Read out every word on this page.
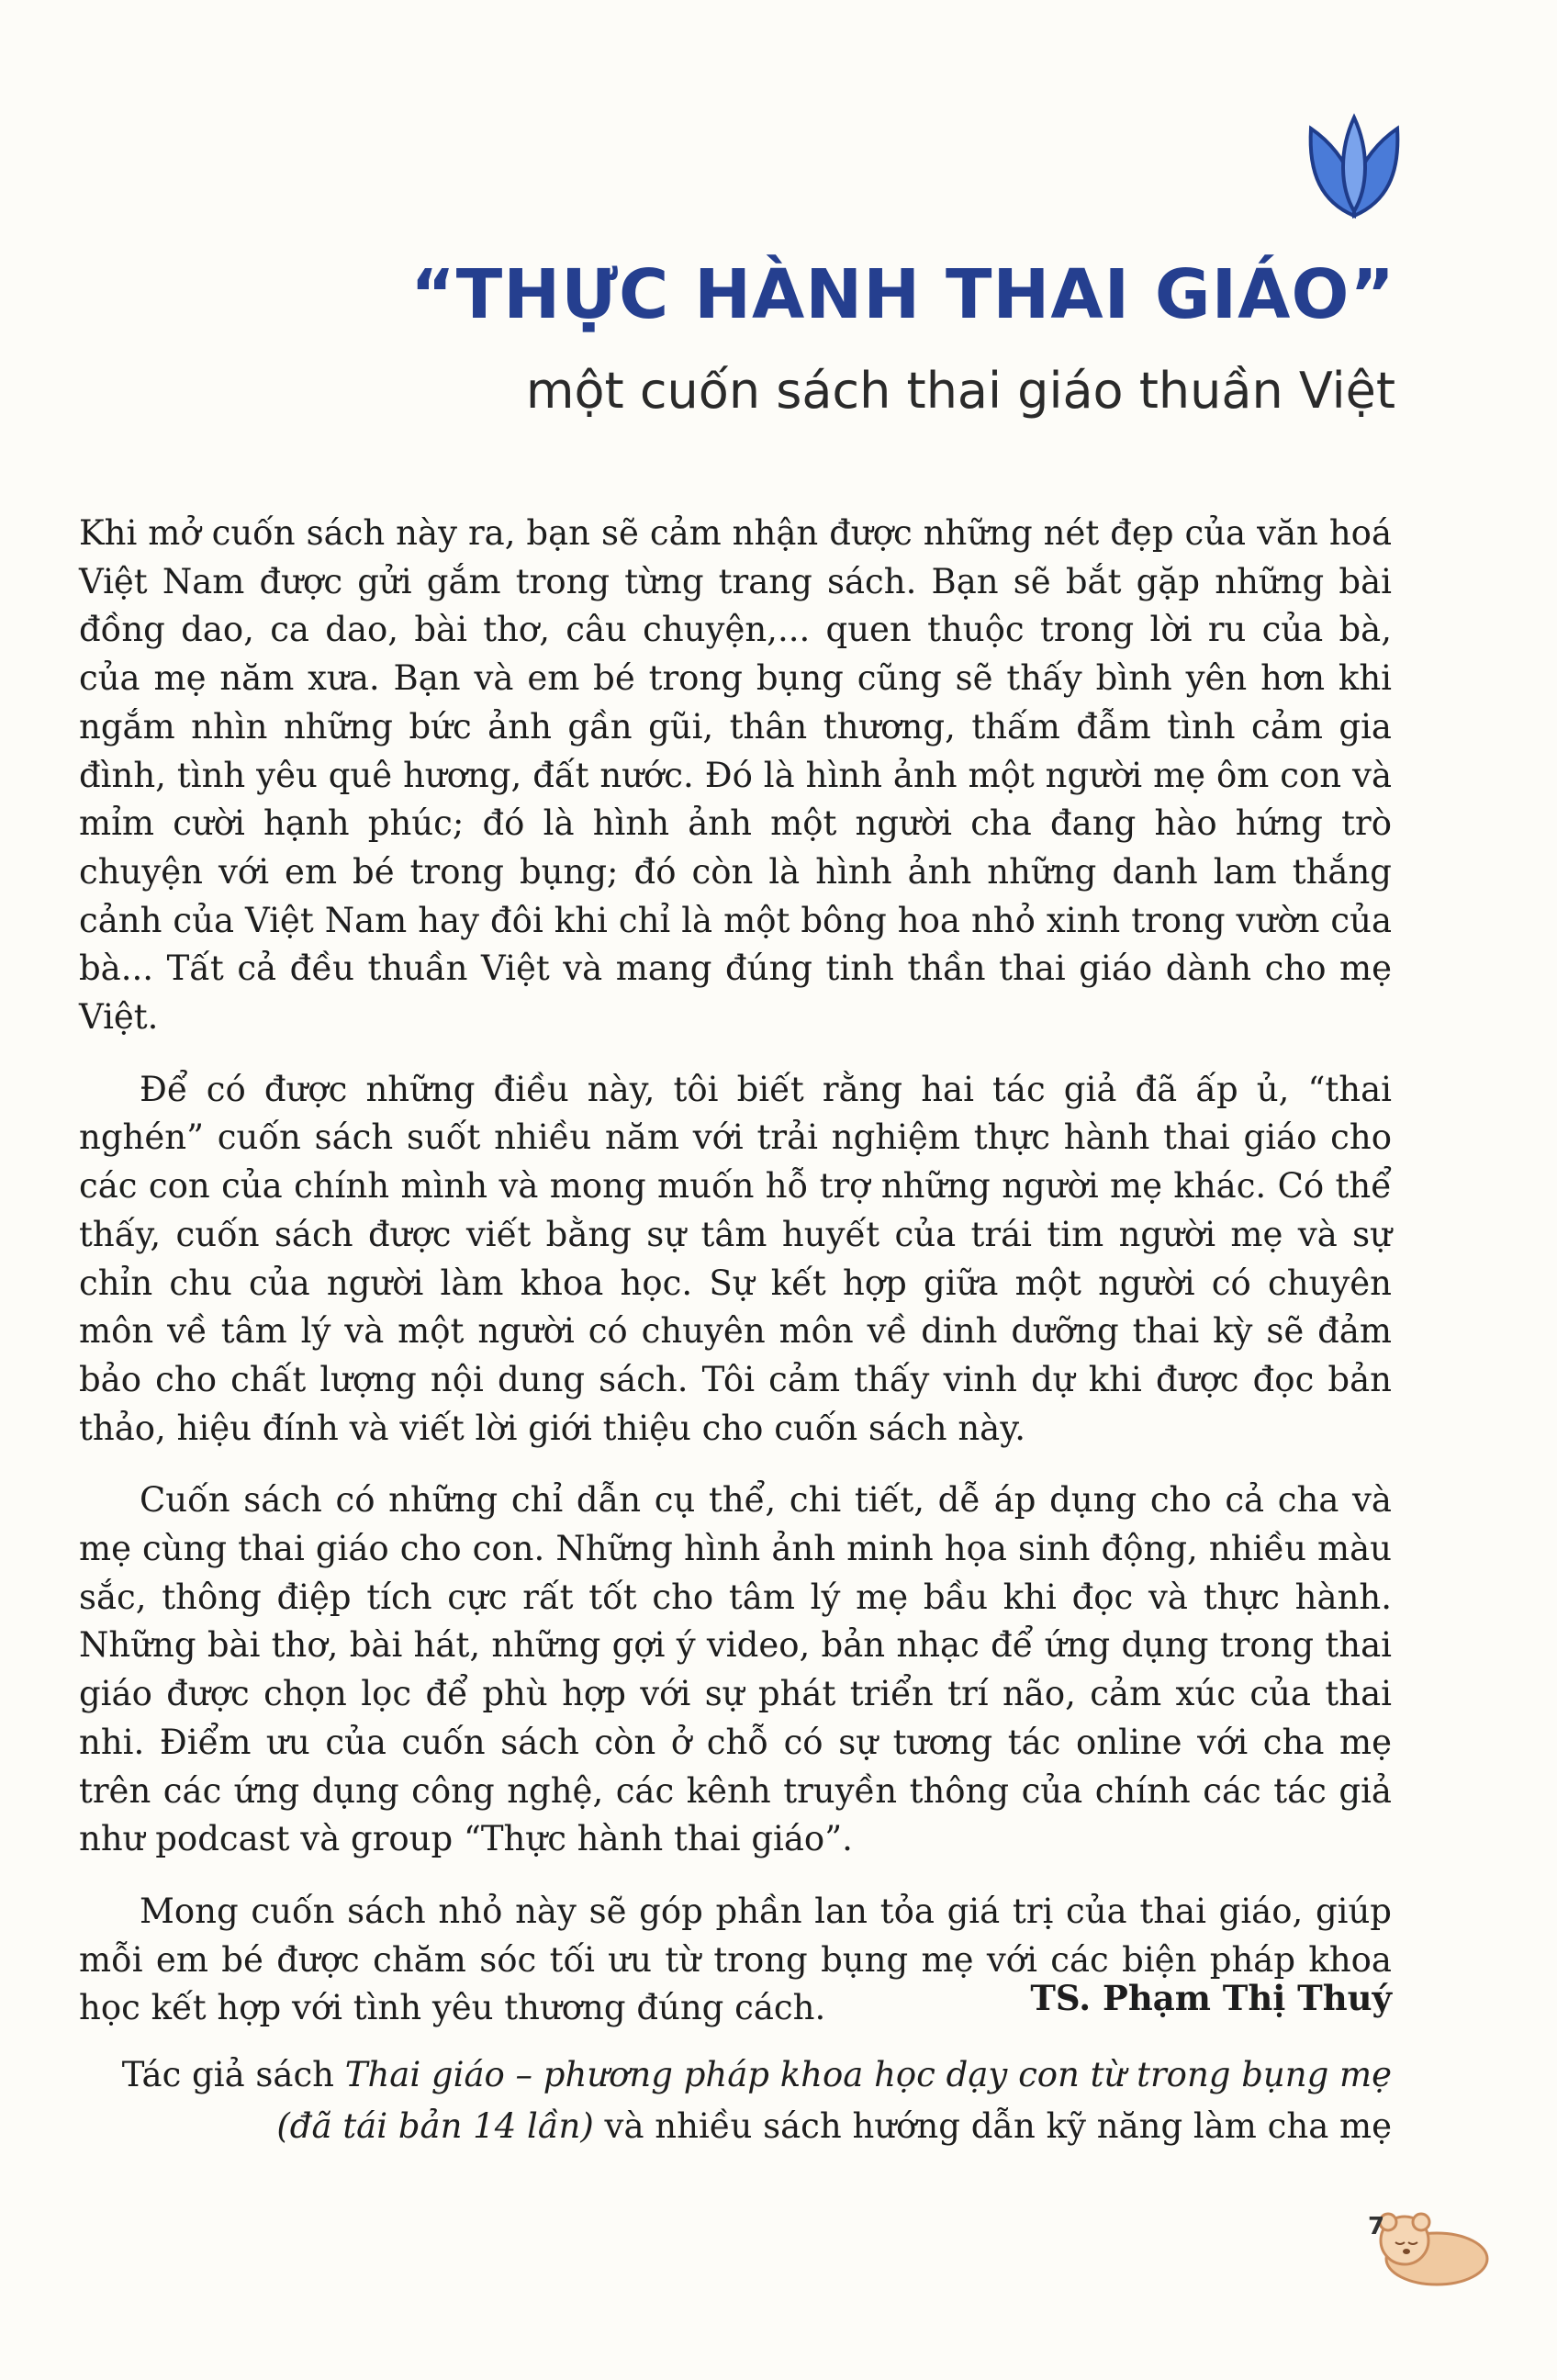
“THỰC HÀNH THAI GIÁO”
một cuốn sách thai giáo thuần Việt

Khi mở cuốn sách này ra, bạn sẽ cảm nhận được những nét đẹp của văn hoá Việt Nam được gửi gắm trong từng trang sách. Bạn sẽ bắt gặp những bài đồng dao, ca dao, bài thơ, câu chuyện,... quen thuộc trong lời ru của bà, của mẹ năm xưa. Bạn và em bé trong bụng cũng sẽ thấy bình yên hơn khi ngắm nhìn những bức ảnh gần gũi, thân thương, thấm đẫm tình cảm gia đình, tình yêu quê hương, đất nước. Đó là hình ảnh một người mẹ ôm con và mỉm cười hạnh phúc; đó là hình ảnh một người cha đang hào hứng trò chuyện với em bé trong bụng; đó còn là hình ảnh những danh lam thắng cảnh của Việt Nam hay đôi khi chỉ là một bông hoa nhỏ xinh trong vườn của bà... Tất cả đều thuần Việt và mang đúng tinh thần thai giáo dành cho mẹ Việt.

Để có được những điều này, tôi biết rằng hai tác giả đã ấp ủ, “thai nghén” cuốn sách suốt nhiều năm với trải nghiệm thực hành thai giáo cho các con của chính mình và mong muốn hỗ trợ những người mẹ khác. Có thể thấy, cuốn sách được viết bằng sự tâm huyết của trái tim người mẹ và sự chỉn chu của người làm khoa học. Sự kết hợp giữa một người có chuyên môn về tâm lý và một người có chuyên môn về dinh dưỡng thai kỳ sẽ đảm bảo cho chất lượng nội dung sách. Tôi cảm thấy vinh dự khi được đọc bản thảo, hiệu đính và viết lời giới thiệu cho cuốn sách này.

Cuốn sách có những chỉ dẫn cụ thể, chi tiết, dễ áp dụng cho cả cha và mẹ cùng thai giáo cho con. Những hình ảnh minh họa sinh động, nhiều màu sắc, thông điệp tích cực rất tốt cho tâm lý mẹ bầu khi đọc và thực hành. Những bài thơ, bài hát, những gợi ý video, bản nhạc để ứng dụng trong thai giáo được chọn lọc để phù hợp với sự phát triển trí não, cảm xúc của thai nhi. Điểm ưu của cuốn sách còn ở chỗ có sự tương tác online với cha mẹ trên các ứng dụng công nghệ, các kênh truyền thông của chính các tác giả như podcast và group “Thực hành thai giáo”.

Mong cuốn sách nhỏ này sẽ góp phần lan tỏa giá trị của thai giáo, giúp mỗi em bé được chăm sóc tối ưu từ trong bụng mẹ với các biện pháp khoa học kết hợp với tình yêu thương đúng cách.	TS. Phạm Thị Thuý
Tác giả sách Thai giáo – phương pháp khoa học dạy con từ trong bụng mẹ
(đã tái bản 14 lần) và nhiều sách hướng dẫn kỹ năng làm cha mẹ
7
